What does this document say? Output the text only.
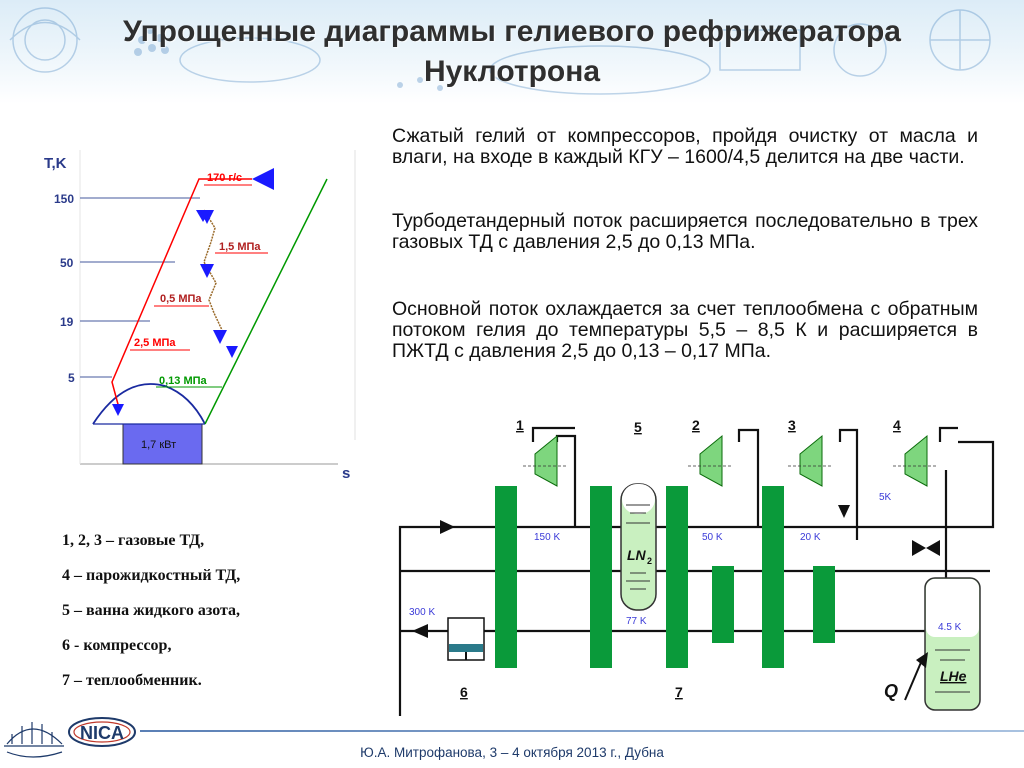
Упрощенные диаграммы гелиевого рефрижератора
Нуклотрона
Сжатый гелий от компрессоров, пройдя очистку от масла и влаги, на входе в каждый КГУ – 1600/4,5 делится на две части.
Турбодетандерный поток расширяется последовательно в трех газовых ТД с давления 2,5 до 0,13 МПа.
Основной поток охлаждается за счет теплообмена с обратным потоком гелия до температуры 5,5 – 8,5 К и расширяется в ПЖТД с давления 2,5 до 0,13 – 0,17 МПа.
T,K
s
150
50
19
5
1,7 кВт
170 г/с
1,5 МПа
0,5 МПа
2,5 МПа
0,13 МПа
LN 2
LHe
Q
1	5	2	3	4
6	7
150 K	50 K	20 K
5K
300 K
77 K
4.5 K
1, 2, 3 – газовые ТД,
4 – парожидкостный ТД,
5 – ванна жидкого азота,
6 - компрессор,
7 – теплообменник.
NICA
Ю.А. Митрофанова, 3 – 4 октября 2013 г., Дубна
